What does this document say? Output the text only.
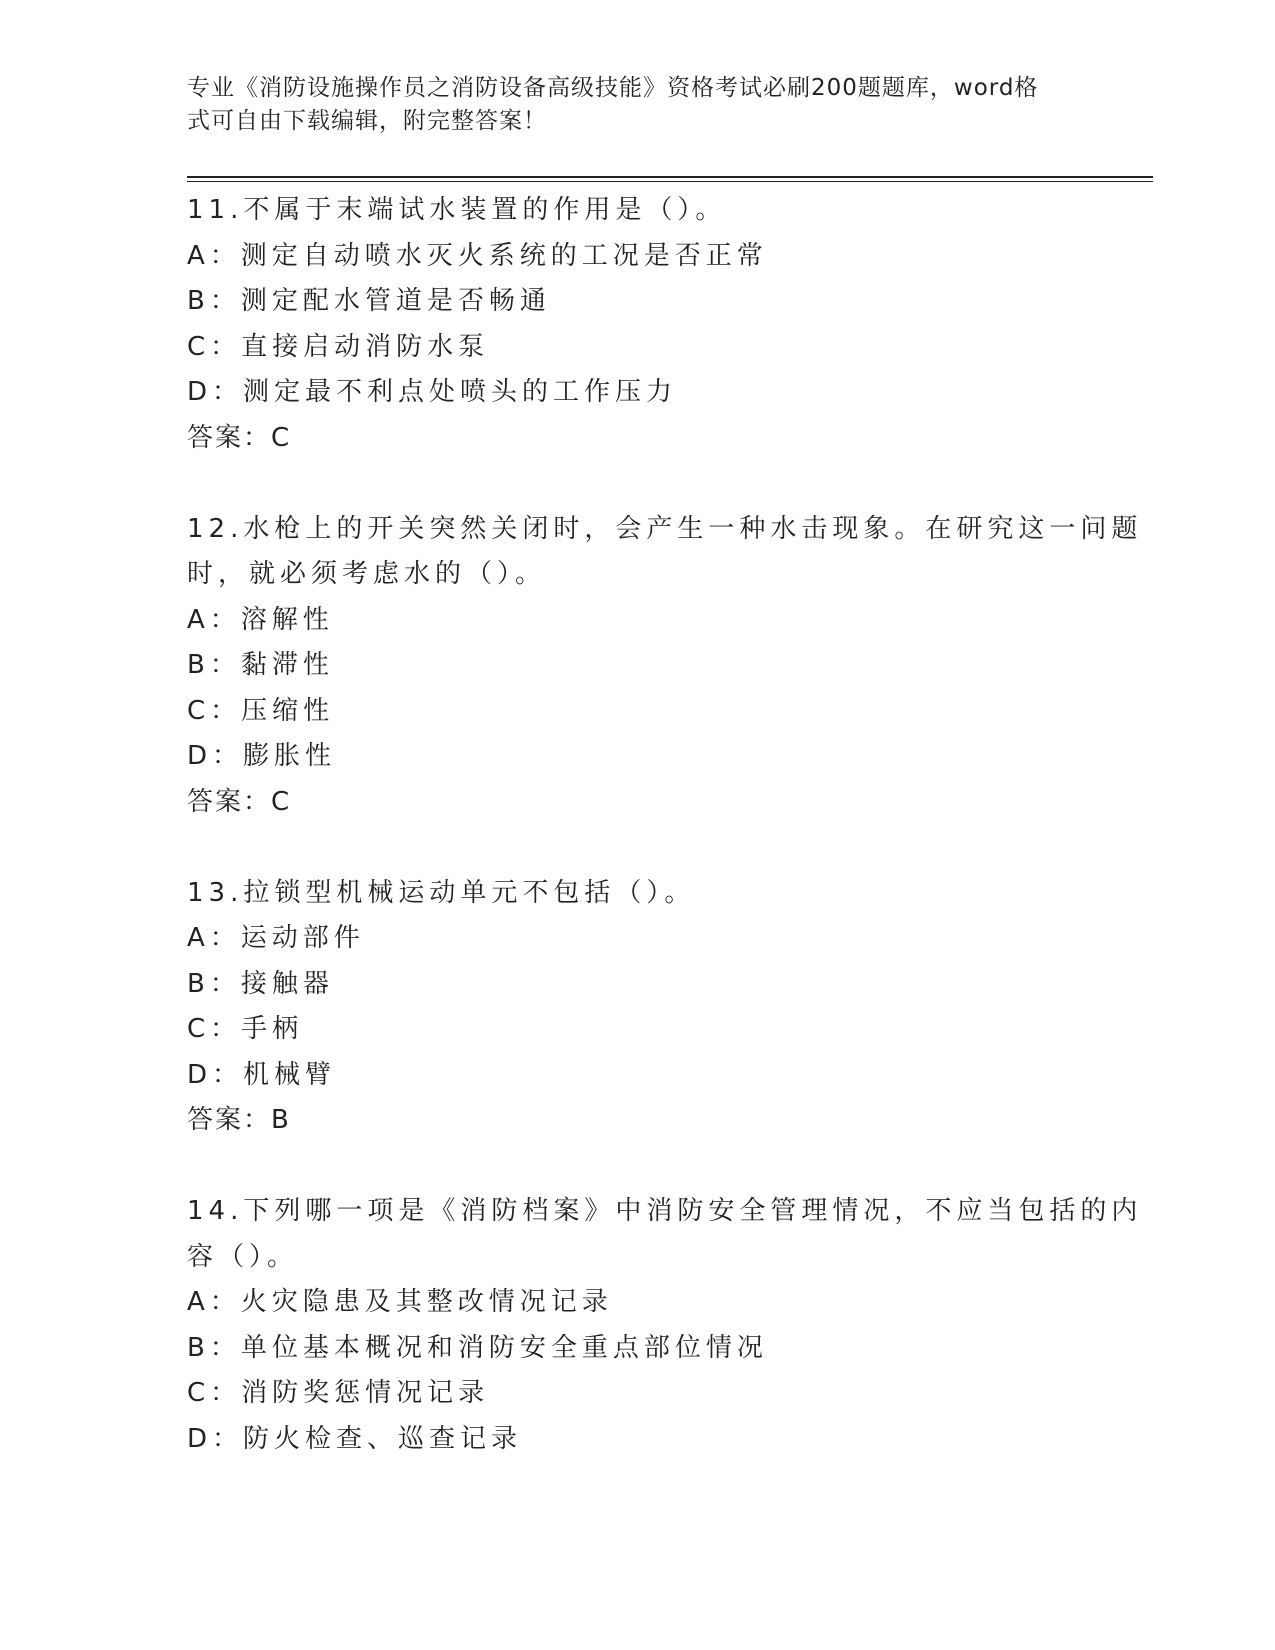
专业《消防设施操作员之消防设备高级技能》资格考试必刷200题题库，word格
式可自由下载编辑，附完整答案！
11.不属于末端试水装置的作用是（）。
A：测定自动喷水灭火系统的工况是否正常
B：测定配水管道是否畅通
C：直接启动消防水泵
D：测定最不利点处喷头的工作压力
答案：C
12.水枪上的开关突然关闭时，会产生一种水击现象。在研究这一问题
时，就必须考虑水的（）。
A：溶解性
B：黏滞性
C：压缩性
D：膨胀性
答案：C
13.拉锁型机械运动单元不包括（）。
A：运动部件
B：接触器
C：手柄
D：机械臂
答案：B
14.下列哪一项是《消防档案》中消防安全管理情况，不应当包括的内
容（）。
A：火灾隐患及其整改情况记录
B：单位基本概况和消防安全重点部位情况
C：消防奖惩情况记录
D：防火检查、巡查记录
